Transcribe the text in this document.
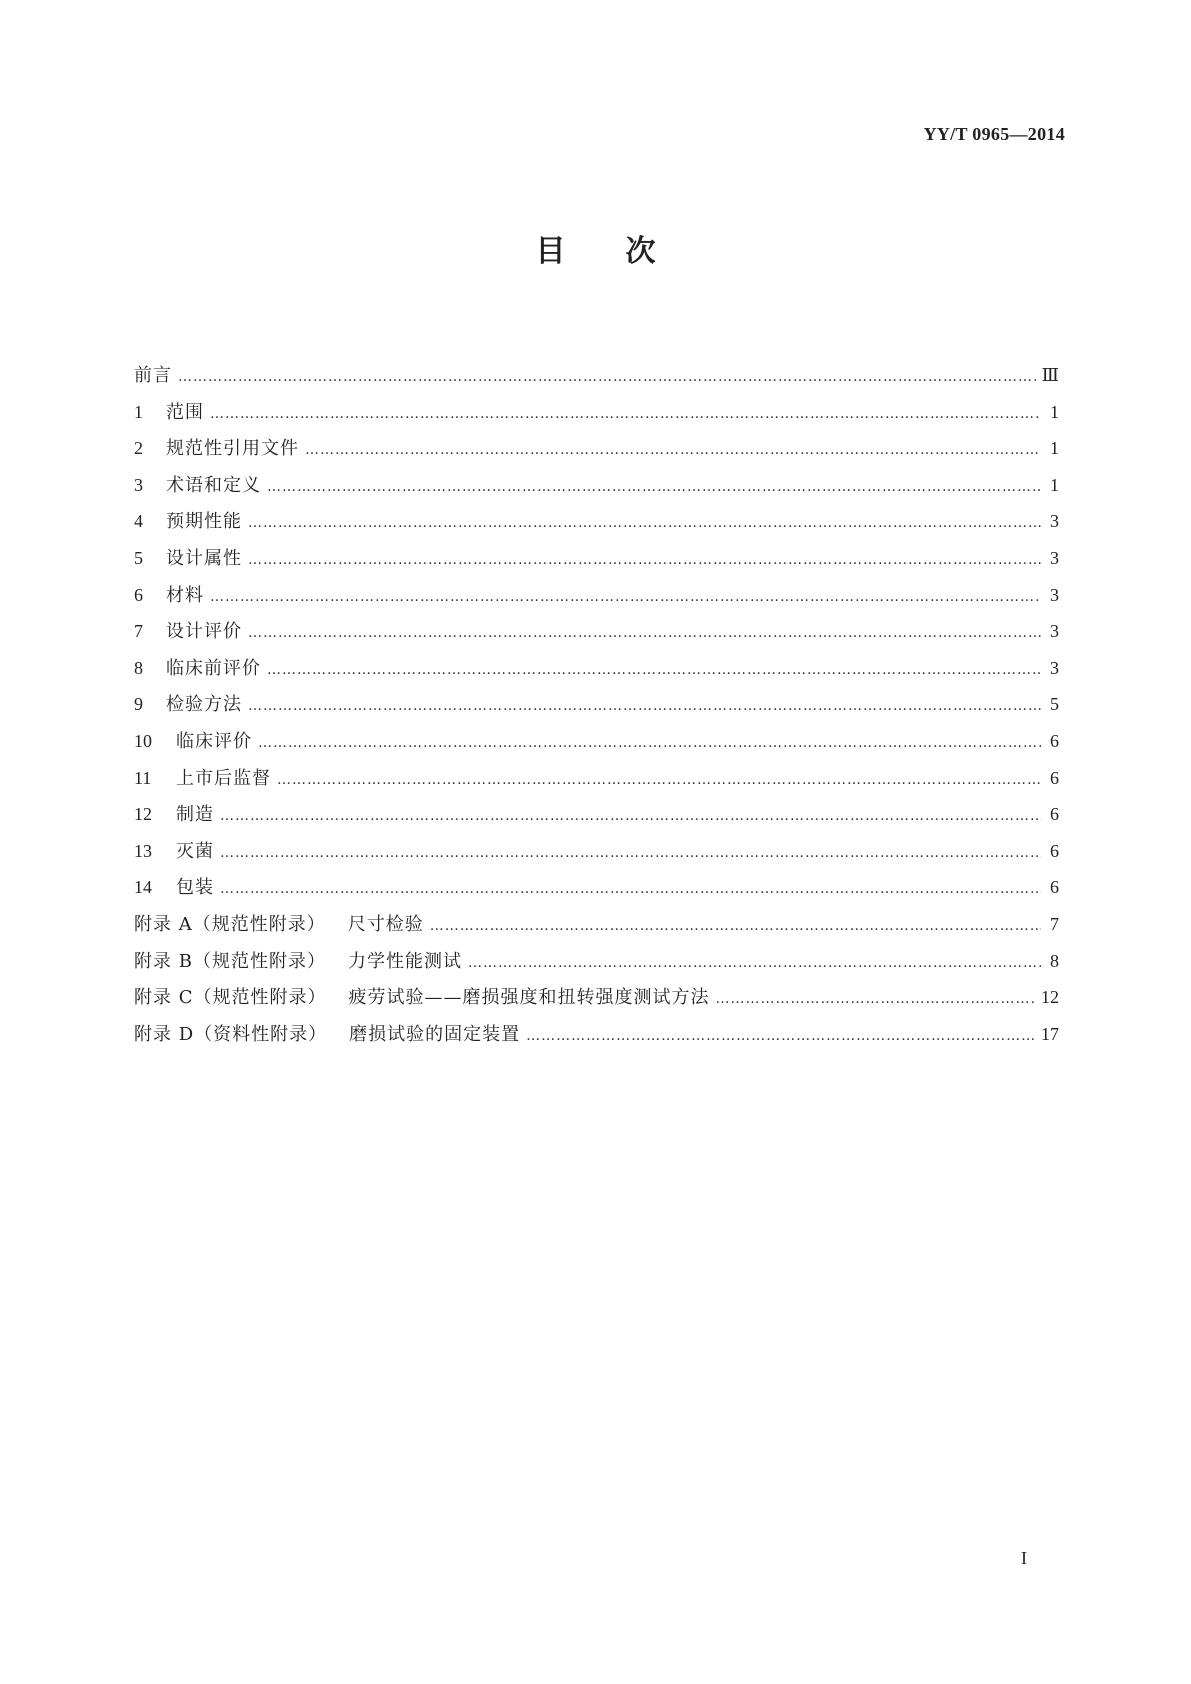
YY/T 0965—2014
目 次
前言 …………………………………………………………………………………………………………………………………………………………………………………………………………………………	Ⅲ
1	范围 …………………………………………………………………………………………………………………………………………………………………………………………………………………………	1
2	规范性引用文件 …………………………………………………………………………………………………………………………………………………………………………………………………………………………	1
3	术语和定义 …………………………………………………………………………………………………………………………………………………………………………………………………………………………	1
4	预期性能 …………………………………………………………………………………………………………………………………………………………………………………………………………………………	3
5	设计属性 …………………………………………………………………………………………………………………………………………………………………………………………………………………………	3
6	材料 …………………………………………………………………………………………………………………………………………………………………………………………………………………………	3
7	设计评价 …………………………………………………………………………………………………………………………………………………………………………………………………………………………	3
8	临床前评价 …………………………………………………………………………………………………………………………………………………………………………………………………………………………	3
9	检验方法 …………………………………………………………………………………………………………………………………………………………………………………………………………………………	5
10	临床评价 …………………………………………………………………………………………………………………………………………………………………………………………………………………………	6
11	上市后监督 …………………………………………………………………………………………………………………………………………………………………………………………………………………………	6
12	制造 …………………………………………………………………………………………………………………………………………………………………………………………………………………………	6
13	灭菌 …………………………………………………………………………………………………………………………………………………………………………………………………………………………	6
14	包装 …………………………………………………………………………………………………………………………………………………………………………………………………………………………	6
附录 A（规范性附录） 尺寸检验 …………………………………………………………………………………………………………………………………………………………………………………………………………………………	7
附录 B（规范性附录） 力学性能测试 …………………………………………………………………………………………………………………………………………………………………………………………………………………………	8
附录 C（规范性附录） 疲劳试验——磨损强度和扭转强度测试方法 …………………………………………………………………………………………………………………………………………………………………………………………………………………………	12
附录 D（资料性附录） 磨损试验的固定装置 …………………………………………………………………………………………………………………………………………………………………………………………………………………………	17
I
